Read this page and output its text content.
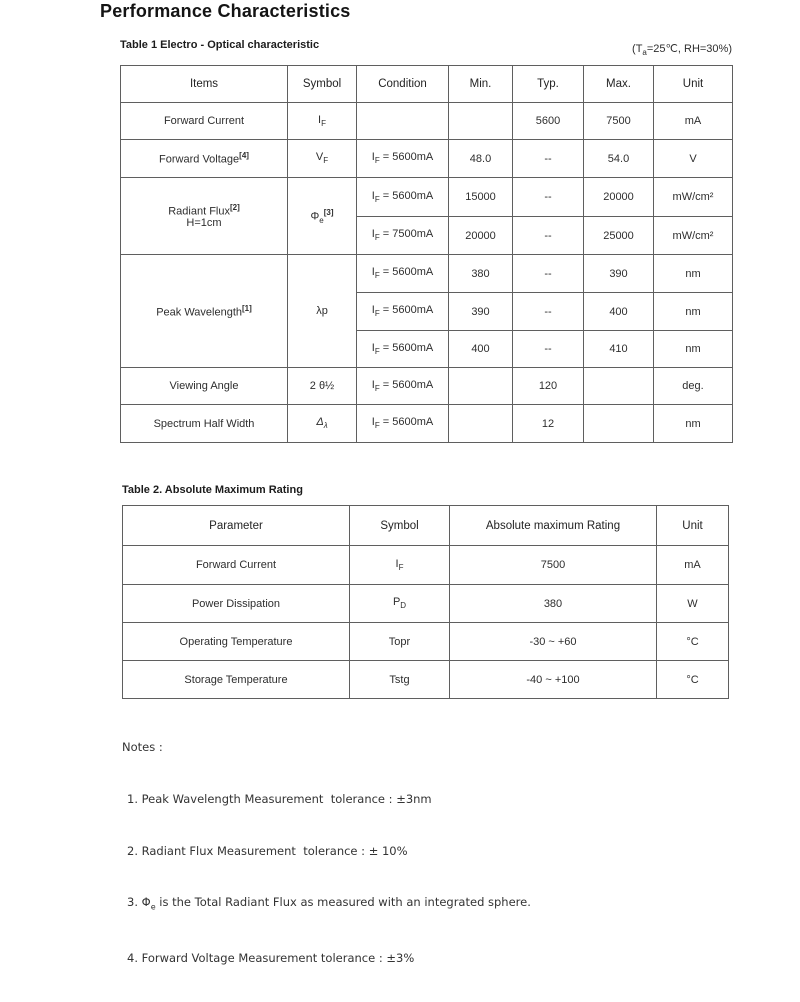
Performance Characteristics
Table 1 Electro - Optical characteristic	($T_a=25℃$, RH=30%)
Items	Symbol	Condition	Min.	Typ.	Max.	Unit
Forward Current	$I_F$			5600	7500	mA
Forward Voltage[4]	$V_F$	$I_F = 5600mA$	48.0	--	54.0	V
Radiant Flux[2]
H=1cm	$\Phi_e[3]$	$I_F = 5600mA$	15000	--	20000	mW/cm²
		$I_F = 7500mA$	20000	--	25000	mW/cm²
Peak Wavelength[1]	λp	$I_F = 5600mA$	380	--	390	nm
		$I_F = 5600mA$	390	--	400	nm
		$I_F = 5600mA$	400	--	410	nm
Viewing Angle	2 θ½	$I_F = 5600mA$		120		deg.
Spectrum Half Width	$\Delta_\lambda$	$I_F = 5600mA$		12		nm
Table 2. Absolute Maximum Rating
Parameter	Symbol	Absolute maximum Rating	Unit
Forward Current	$I_F$	7500	mA
Power Dissipation	$P_D$	380	W
Operating Temperature	Topr	-30 ~ +60	°C
Storage Temperature	Tstg	-40 ~ +100	°C

Notes :

1. Peak Wavelength Measurement  tolerance : ±3nm

2. Radiant Flux Measurement  tolerance : ± 10%

3. $\Phi_e$ is the Total Radiant Flux as measured with an integrated sphere.

4. Forward Voltage Measurement tolerance : ±3%
